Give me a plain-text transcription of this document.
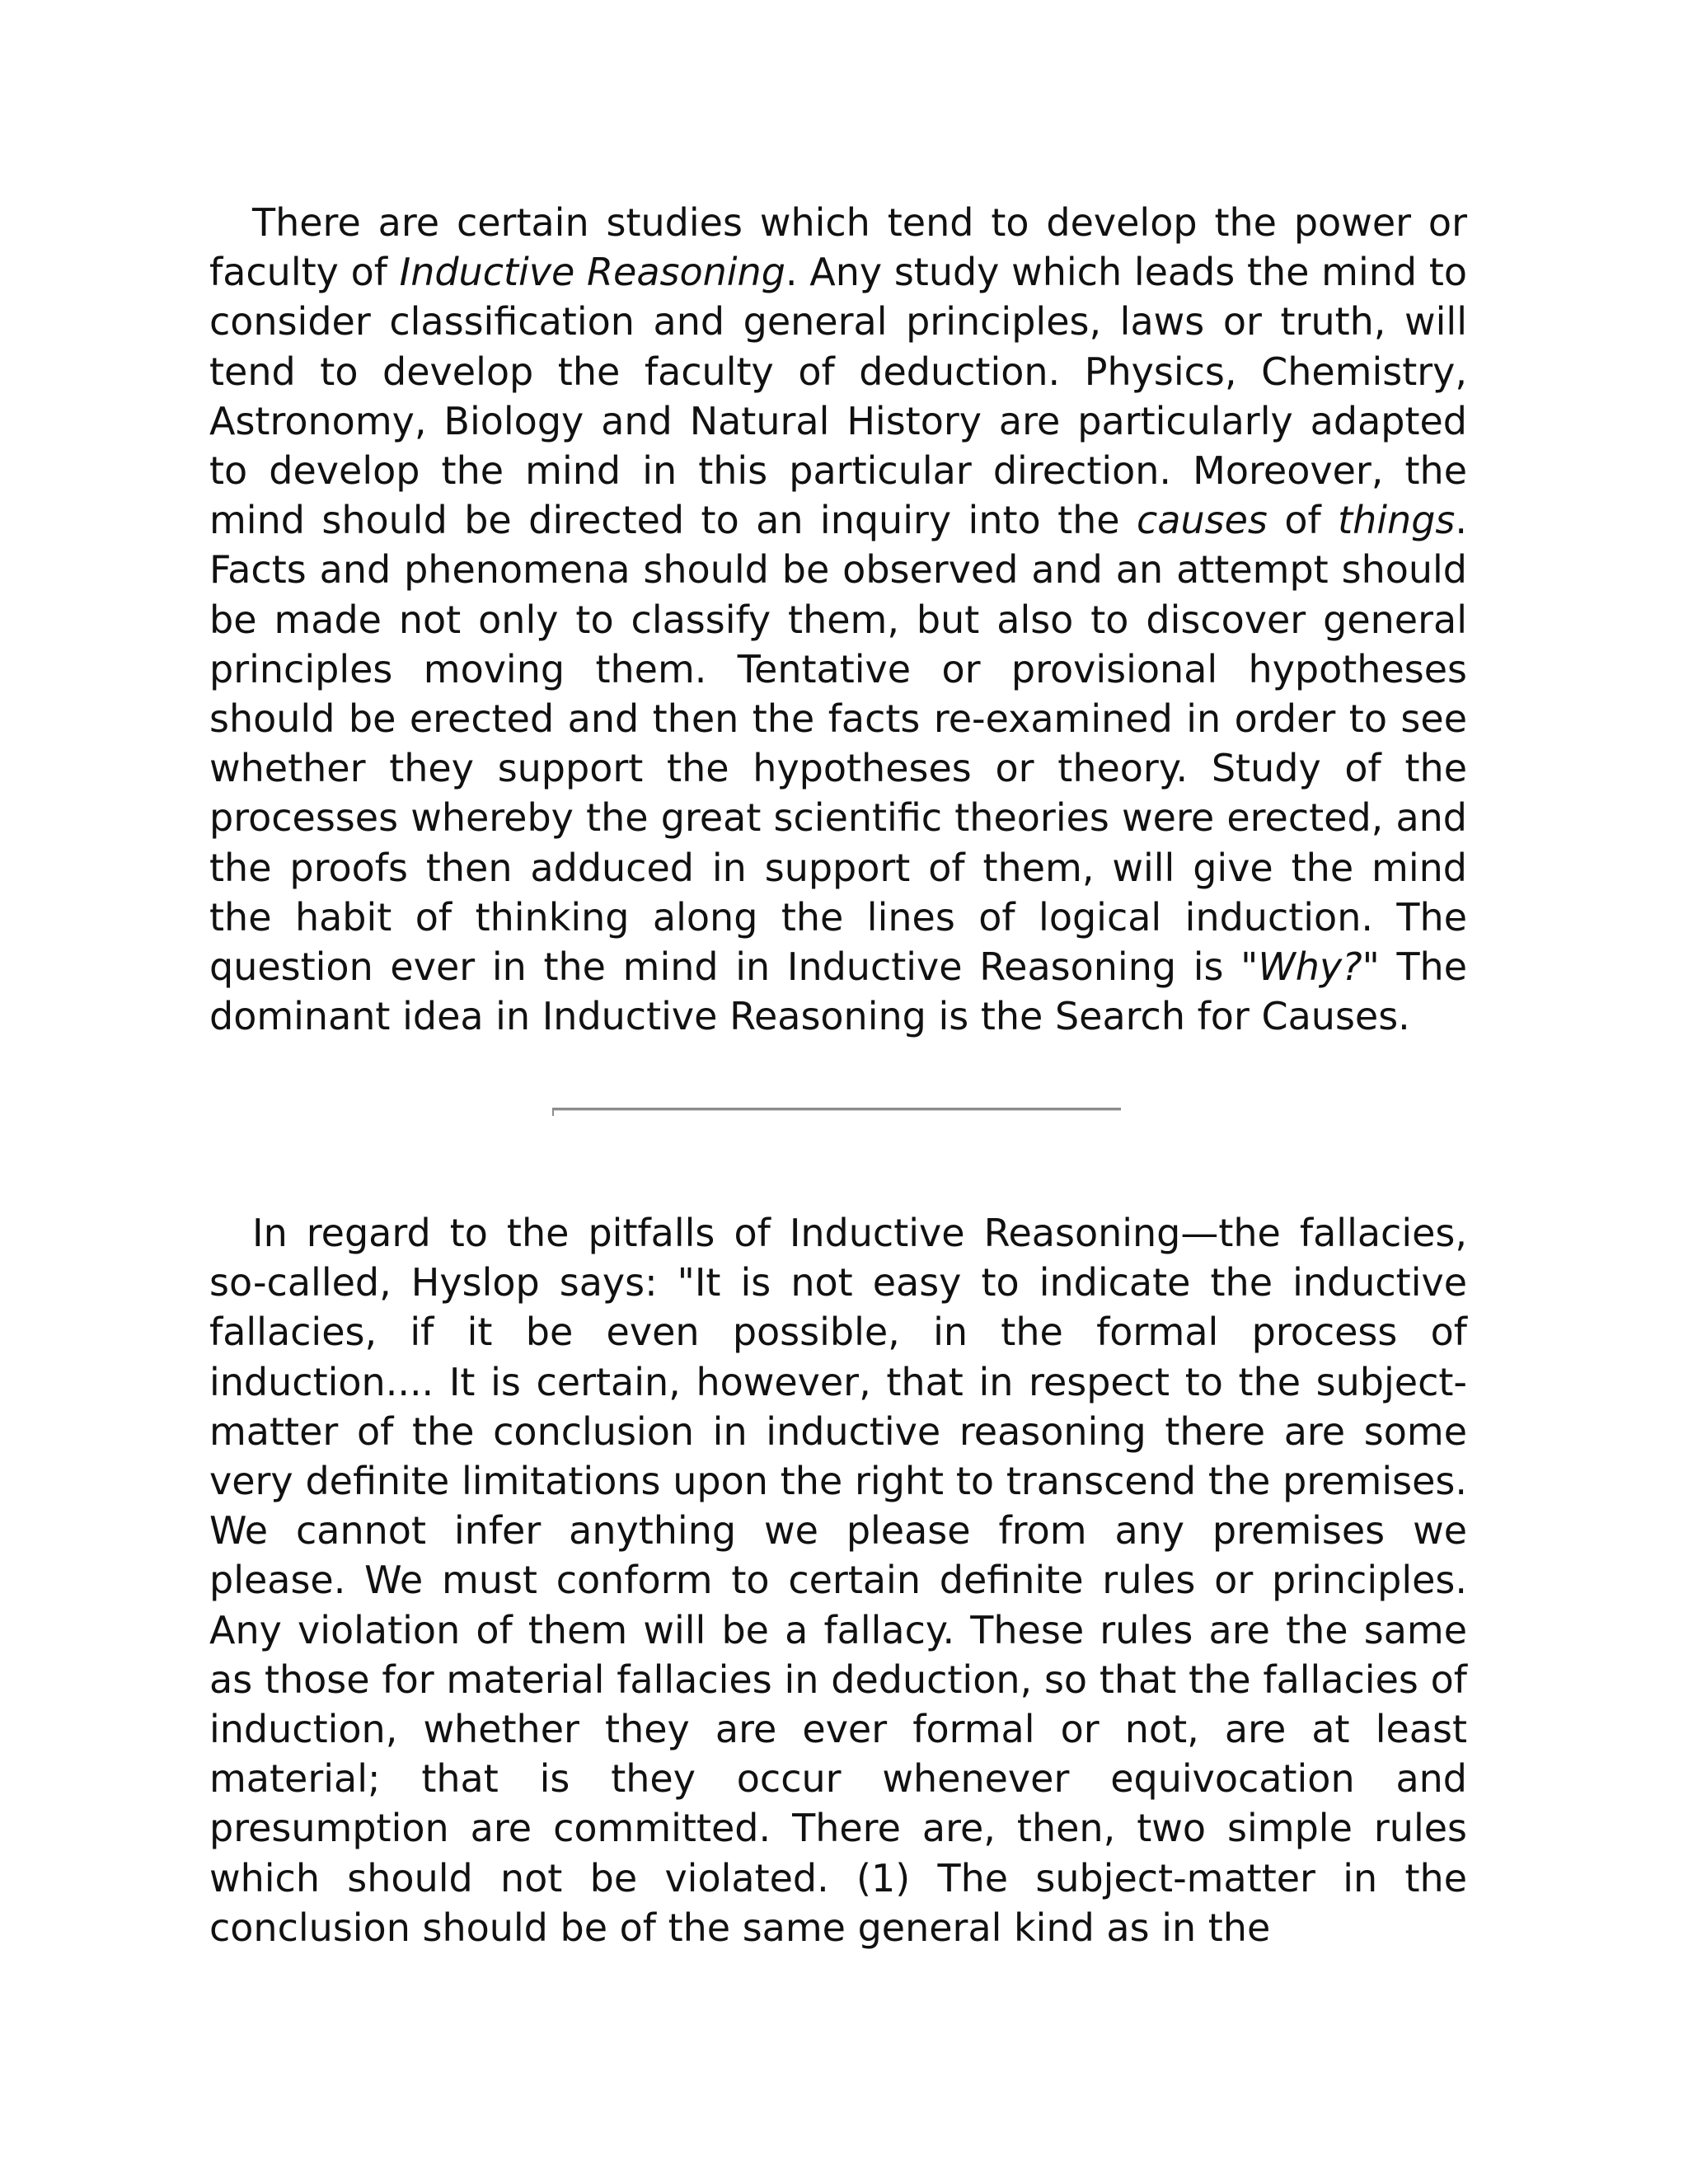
There are certain studies which tend to develop the power or faculty of Inductive Reasoning. Any study which leads the mind to consider classification and general principles, laws or truth, will tend to develop the faculty of deduction. Physics, Chemistry, Astronomy, Biology and Natural History are particularly adapted to develop the mind in this particular direction. Moreover, the mind should be directed to an inquiry into the causes of things. Facts and phenomena should be observed and an attempt should be made not only to classify them, but also to discover general principles moving them. Tentative or provisional hypotheses should be erected and then the facts re-examined in order to see whether they support the hypotheses or theory. Study of the processes whereby the great scientific theories were erected, and the proofs then adduced in support of them, will give the mind the habit of thinking along the lines of logical induction. The question ever in the mind in Inductive Reasoning is "Why?" The dominant idea in Inductive Reasoning is the Search for Causes.

In regard to the pitfalls of Inductive Reasoning—the fallacies, so-called, Hyslop says: "It is not easy to indicate the inductive fallacies, if it be even possible, in the formal process of induction.... It is certain, however, that in respect to the subject-matter of the conclusion in inductive reasoning there are some very definite limitations upon the right to transcend the premises. We cannot infer anything we please from any premises we please. We must conform to certain definite rules or principles. Any violation of them will be a fallacy. These rules are the same as those for material fallacies in deduction, so that the fallacies of induction, whether they are ever formal or not, are at least material; that is they occur whenever equivocation and presumption are committed. There are, then, two simple rules which should not be violated. (1) The subject-matter in the conclusion should be of the same general kind as in the
